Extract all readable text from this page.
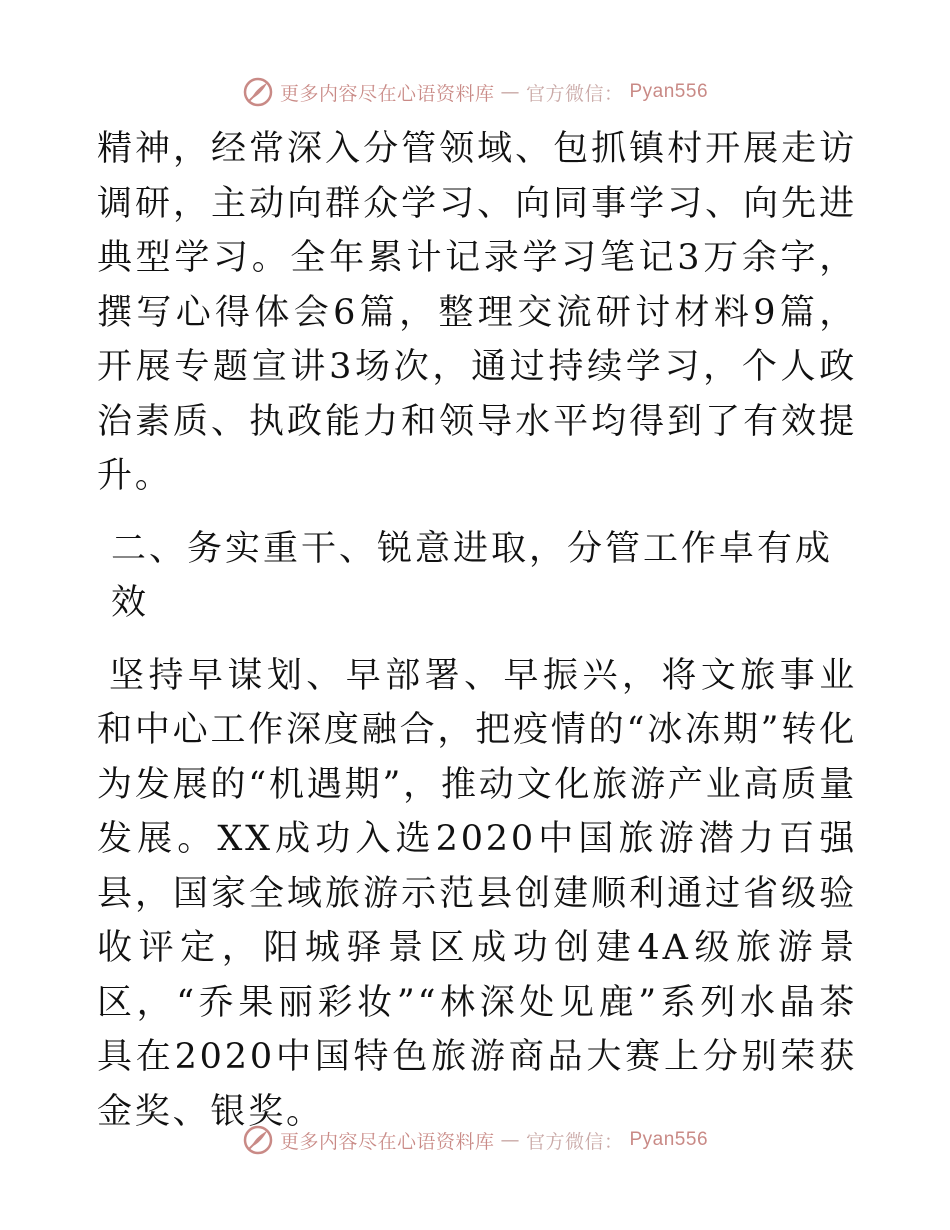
更多内容尽在心语资料库 — 官方微信： Pyan556

精神，经常深入分管领域、包抓镇村开展走访调研，主动向群众学习、向同事学习、向先进典型学习。全年累计记录学习笔记3万余字，撰写心得体会6篇，整理交流研讨材料9篇，开展专题宣讲3场次，通过持续学习，个人政治素质、执政能力和领导水平均得到了有效提升。

二、务实重干、锐意进取，分管工作卓有成效

坚持早谋划、早部署、早振兴，将文旅事业和中心工作深度融合，把疫情的“冰冻期”转化为发展的“机遇期”，推动文化旅游产业高质量发展。XX成功入选2020中国旅游潜力百强县，国家全域旅游示范县创建顺利通过省级验收评定，阳城驿景区成功创建4A级旅游景区，“乔果丽彩妆”“林深处见鹿”系列水晶茶具在2020中国特色旅游商品大赛上分别荣获金奖、银奖。

更多内容尽在心语资料库 — 官方微信： Pyan556
